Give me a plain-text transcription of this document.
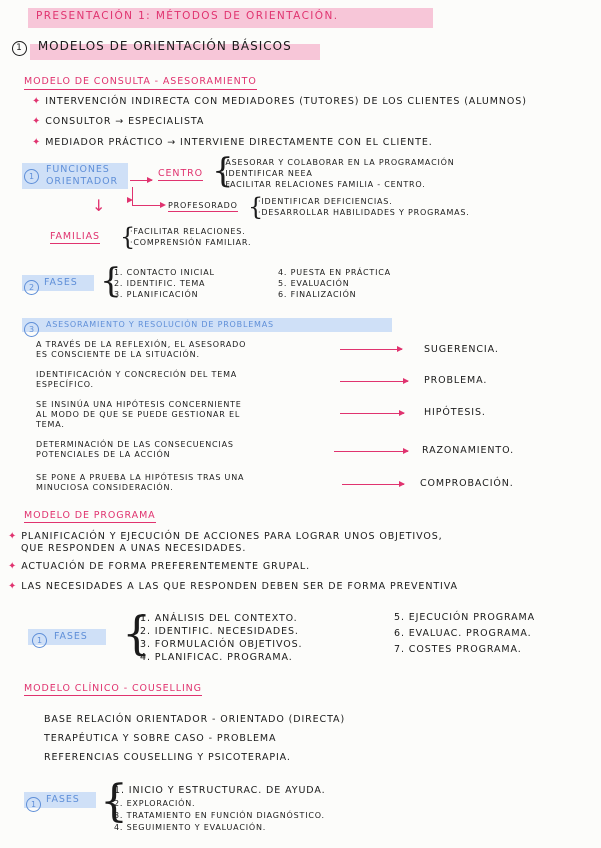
PRESENTACIÓN 1: MÉTODOS DE ORIENTACIÓN.
1 MODELOS DE ORIENTACIÓN BÁSICOS
MODELO DE CONSULTA - ASESORAMIENTO
✦ INTERVENCIÓN INDIRECTA CON MEDIADORES (TUTORES) DE LOS CLIENTES (ALUMNOS)
✦ CONSULTOR → ESPECIALISTA
✦ MEDIADOR PRÁCTICO → INTERVIENE DIRECTAMENTE CON EL CLIENTE.
1
FUNCIONES
ORIENTADOR
CENTRO {
·ASESORAR Y COLABORAR EN LA PROGRAMACIÓN
·IDENTIFICAR NEEA
·FACILITAR RELACIONES FAMILIA - CENTRO.
↓	PROFESORADO {
·IDENTIFICAR DEFICIENCIAS.
·DESARROLLAR HABILIDADES Y PROGRAMAS.
FAMILIAS {
·FACILITAR RELACIONES.
·COMPRENSIÓN FAMILIAR.
2	FASES {
1. CONTACTO INICIAL
2. IDENTIFIC. TEMA
3. PLANIFICACIÓN
4. PUESTA EN PRÁCTICA
5. EVALUACIÓN
6. FINALIZACIÓN
3
ASESORAMIENTO Y RESOLUCIÓN DE PROBLEMAS
A TRAVÉS DE LA REFLEXIÓN, EL ASESORADO
ES CONSCIENTE DE LA SITUACIÓN.	SUGERENCIA.
IDENTIFICACIÓN Y CONCRECIÓN DEL TEMA
ESPECÍFICO.	PROBLEMA.
SE INSINÚA UNA HIPÓTESIS CONCERNIENTE
AL MODO DE QUE SE PUEDE GESTIONAR EL
TEMA.
HIPÓTESIS.
DETERMINACIÓN DE LAS CONSECUENCIAS
POTENCIALES DE LA ACCIÓN	RAZONAMIENTO.
SE PONE A PRUEBA LA HIPÓTESIS TRAS UNA
MINUCIOSA CONSIDERACIÓN.	COMPROBACIÓN.
MODELO DE PROGRAMA
✦ PLANIFICACIÓN Y EJECUCIÓN DE ACCIONES PARA LOGRAR UNOS OBJETIVOS,
QUE RESPONDEN A UNAS NECESIDADES.
✦ ACTUACIÓN DE FORMA PREFERENTEMENTE GRUPAL.
✦ LAS NECESIDADES A LAS QUE RESPONDEN DEBEN SER DE FORMA PREVENTIVA
1	FASES {
1. ANÁLISIS DEL CONTEXTO.
2. IDENTIFIC. NECESIDADES.
3. FORMULACIÓN OBJETIVOS.
4. PLANIFICAC. PROGRAMA.
5. EJECUCIÓN PROGRAMA
6. EVALUAC. PROGRAMA.
7. COSTES PROGRAMA.
MODELO CLÍNICO - COUSELLING
BASE RELACIÓN ORIENTADOR - ORIENTADO (DIRECTA)
TERAPÉUTICA Y SOBRE CASO - PROBLEMA
REFERENCIAS COUSELLING Y PSICOTERAPIA.
1	FASES {
1. INICIO Y ESTRUCTURAC. DE AYUDA.
2. EXPLORACIÓN.
3. TRATAMIENTO EN FUNCIÓN DIAGNÓSTICO.
4. SEGUIMIENTO Y EVALUACIÓN.
